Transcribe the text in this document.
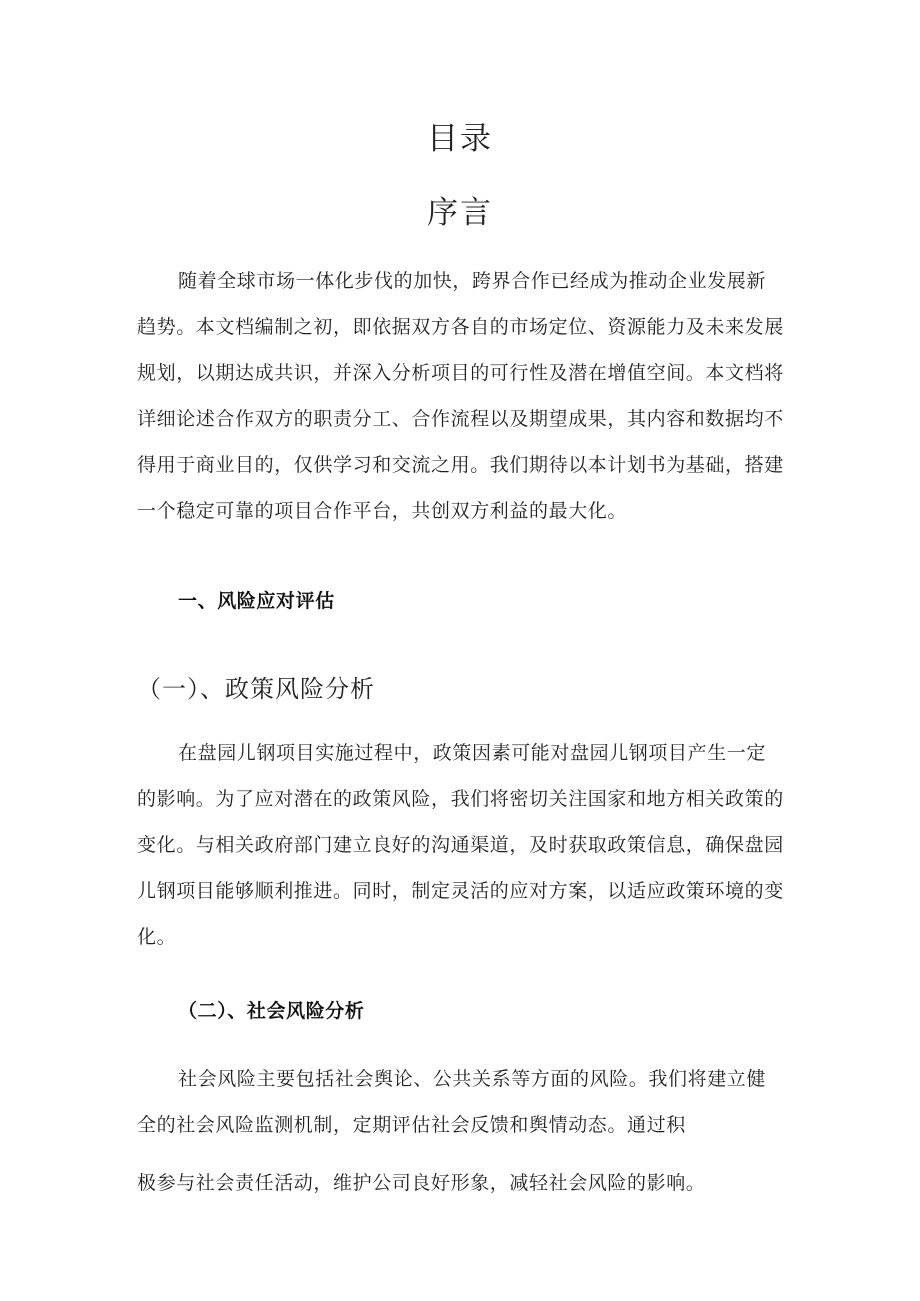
目录
序言
随着全球市场一体化步伐的加快，跨界合作已经成为推动企业发展新
趋势。本文档编制之初，即依据双方各自的市场定位、资源能力及未来发展
规划，以期达成共识，并深入分析项目的可行性及潜在增值空间。本文档将
详细论述合作双方的职责分工、合作流程以及期望成果，其内容和数据均不
得用于商业目的，仅供学习和交流之用。我们期待以本计划书为基础，搭建
一个稳定可靠的项目合作平台，共创双方利益的最大化。
一、风险应对评估
（一）、政策风险分析
在盘园儿钢项目实施过程中，政策因素可能对盘园儿钢项目产生一定
的影响。为了应对潜在的政策风险，我们将密切关注国家和地方相关政策的
变化。与相关政府部门建立良好的沟通渠道，及时获取政策信息，确保盘园
儿钢项目能够顺利推进。同时，制定灵活的应对方案，以适应政策环境的变
化。
（二）、社会风险分析
社会风险主要包括社会舆论、公共关系等方面的风险。我们将建立健
全的社会风险监测机制，定期评估社会反馈和舆情动态。通过积
极参与社会责任活动，维护公司良好形象，减轻社会风险的影响。
